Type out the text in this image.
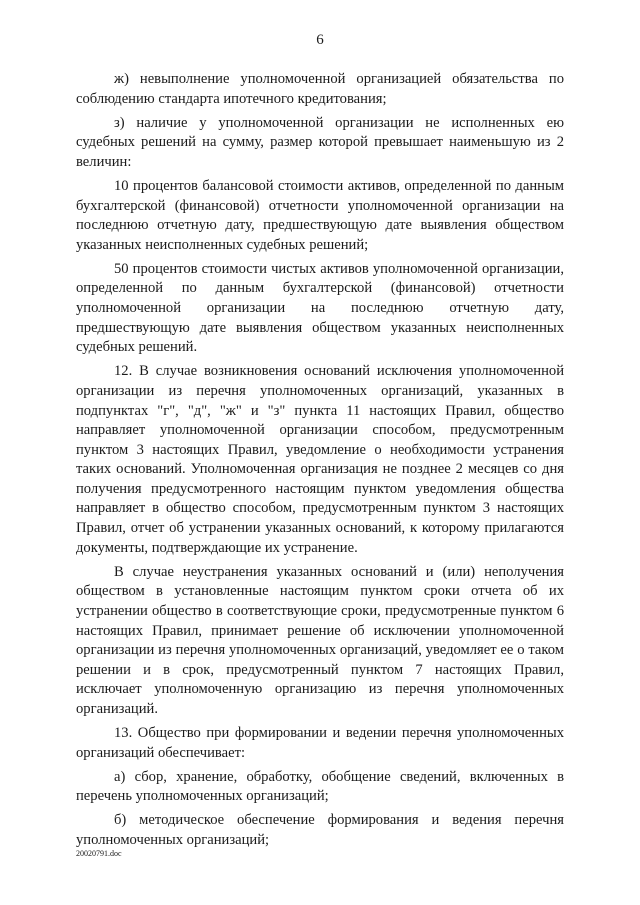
6

ж) невыполнение уполномоченной организацией обязательства по соблюдению стандарта ипотечного кредитования;

з) наличие у уполномоченной организации не исполненных ею судебных решений на сумму, размер которой превышает наименьшую из 2 величин:

10 процентов балансовой стоимости активов, определенной по данным бухгалтерской (финансовой) отчетности уполномоченной организации на последнюю отчетную дату, предшествующую дате выявления обществом указанных неисполненных судебных решений;

50 процентов стоимости чистых активов уполномоченной организации, определенной по данным бухгалтерской (финансовой) отчетности уполномоченной организации на последнюю отчетную дату, предшествующую дате выявления обществом указанных неисполненных судебных решений.

12. В случае возникновения оснований исключения уполномоченной организации из перечня уполномоченных организаций, указанных в подпунктах "г", "д", "ж" и "з" пункта 11 настоящих Правил, общество направляет уполномоченной организации способом, предусмотренным пунктом 3 настоящих Правил, уведомление о необходимости устранения таких оснований. Уполномоченная организация не позднее 2 месяцев со дня получения предусмотренного настоящим пунктом уведомления общества направляет в общество способом, предусмотренным пунктом 3 настоящих Правил, отчет об устранении указанных оснований, к которому прилагаются документы, подтверждающие их устранение.

В случае неустранения указанных оснований и (или) неполучения обществом в установленные настоящим пунктом сроки отчета об их устранении общество в соответствующие сроки, предусмотренные пунктом 6 настоящих Правил, принимает решение об исключении уполномоченной организации из перечня уполномоченных организаций, уведомляет ее о таком решении и в срок, предусмотренный пунктом 7 настоящих Правил, исключает уполномоченную организацию из перечня уполномоченных организаций.

13. Общество при формировании и ведении перечня уполномоченных организаций обеспечивает:

а) сбор, хранение, обработку, обобщение сведений, включенных в перечень уполномоченных организаций;

б) методическое обеспечение формирования и ведения перечня уполномоченных организаций;

20020791.doc
